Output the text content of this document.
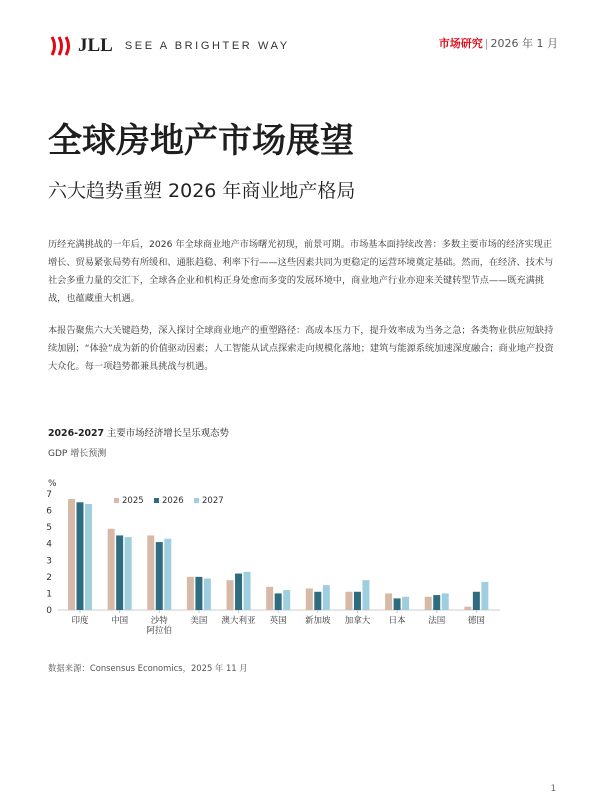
JLL SEE A BRIGHTER WAY	市场研究 | 2026 年 1 月
全球房地产市场展望
六大趋势重塑 2026 年商业地产格局

历经充满挑战的一年后，2026 年全球商业地产市场曙光初现，前景可期。市场基本面持续改善：多数主要市场的经济实现正增长、贸易紧张局势有所缓和、通胀趋稳、利率下行——这些因素共同为更稳定的运营环境奠定基础。然而，在经济、技术与社会多重力量的交汇下，全球各企业和机构正身处愈而多变的发展环境中，商业地产行业亦迎来关键转型节点——既充满挑战，也蕴藏重大机遇。

本报告聚焦六大关键趋势，深入探讨全球商业地产的重塑路径：高成本压力下，提升效率成为当务之急；各类物业供应短缺持续加剧；“体验”成为新的价值驱动因素；人工智能从试点探索走向规模化落地；建筑与能源系统加速深度融合；商业地产投资大众化。每一项趋势都兼具挑战与机遇。

2026-2027 主要市场经济增长呈乐观态势
GDP 增长预测
%
0
1
2
3
4
5
6
7
印度	中国	沙特阿拉伯
美国 澳大利亚 英国 新加坡 加拿大 日本	法国	德国
2025 2026 2027
数据来源：Consensus Economics，2025 年 11 月
1
